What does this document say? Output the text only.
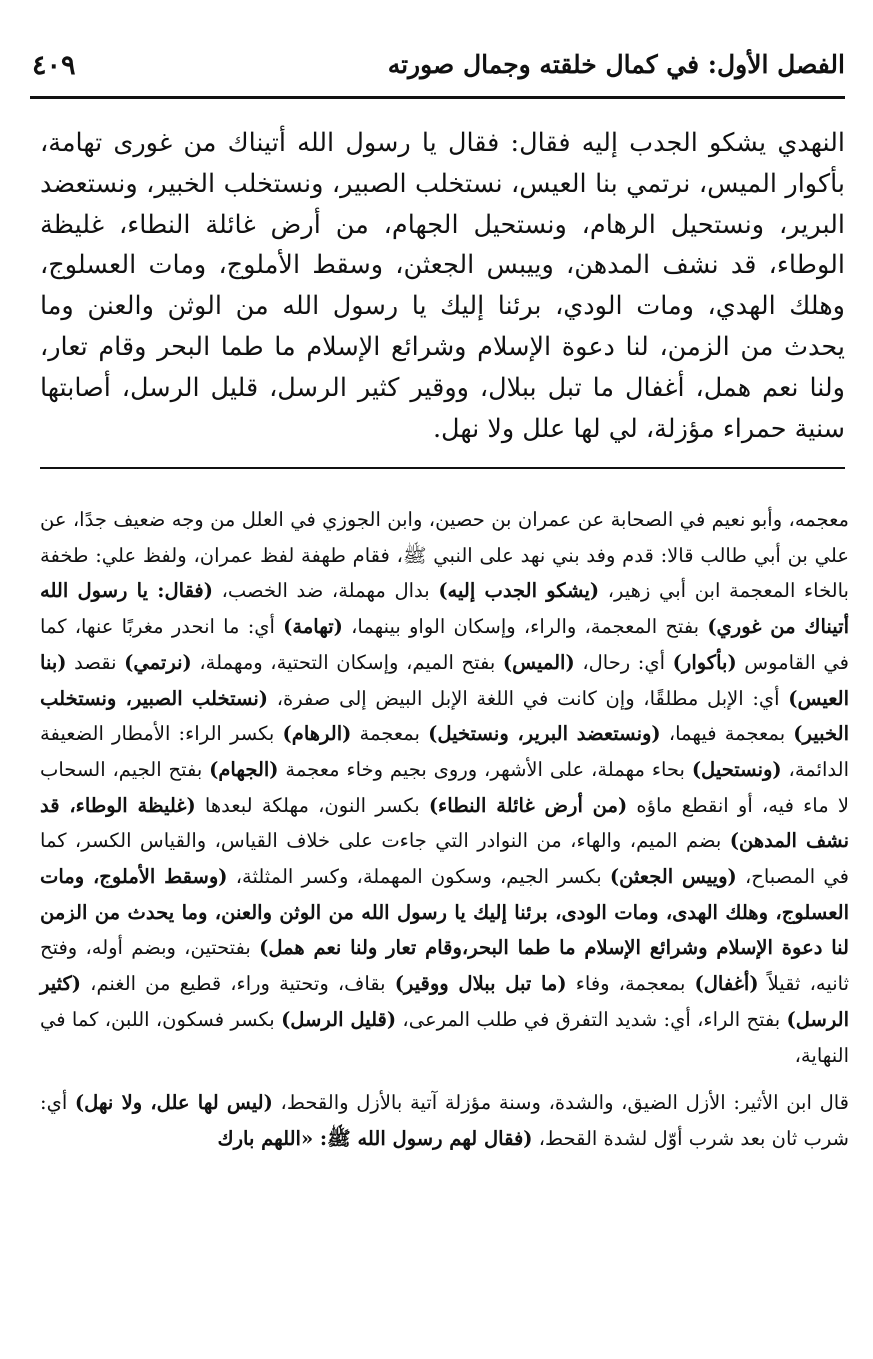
الفصل الأول: في كمال خلقته وجمال صورته
٤٠٩

النهدي يشكو الجدب إليه فقال: فقال يا رسول الله أتيناك من غورى تهامة، بأكوار الميس، نرتمي بنا العيس، نستخلب الصبير، ونستخلب الخبير، ونستعضد البرير، ونستحيل الرهام، ونستحيل الجهام، من أرض غائلة النطاء، غليظة الوطاء، قد نشف المدهن، وييبس الجعثن، وسقط الأملوج، ومات العسلوج، وهلك الهدي، ومات الودي، برئنا إليك يا رسول الله من الوثن والعنن وما يحدث من الزمن، لنا دعوة الإسلام وشرائع الإسلام ما طما البحر وقام تعار، ولنا نعم همل، أغفال ما تبل ببلال، ووقير كثير الرسل، قليل الرسل، أصابتها سنية حمراء مؤزلة، لي لها علل ولا نهل.

معجمه، وأبو نعيم في الصحابة عن عمران بن حصين، وابن الجوزي في العلل من وجه ضعيف جدًا، عن علي بن أبي طالب قالا: قدم وفد بني نهد على النبي ﷺ، فقام طهفة لفظ عمران، ولفظ علي: طخفة بالخاء المعجمة ابن أبي زهير، (يشكو الجدب إليه) بدال مهملة، ضد الخصب، (فقال: يا رسول الله أتيناك من غوري) بفتح المعجمة، والراء، وإسكان الواو بينهما، (تهامة) أي: ما انحدر مغربًا عنها، كما في القاموس (بأكوار) أي: رحال، (الميس) بفتح الميم، وإسكان التحتية، ومهملة، (نرتمي) نقصد (بنا العيس) أي: الإبل مطلقًا، وإن كانت في اللغة الإبل البيض إلى صفرة، (نستخلب الصبير، ونستخلب الخبير) بمعجمة فيهما، (ونستعضد البرير، ونستخيل) بمعجمة (الرهام) بكسر الراء: الأمطار الضعيفة الدائمة، (ونستحيل) بحاء مهملة، على الأشهر، وروى بجيم وخاء معجمة (الجهام) بفتح الجيم، السحاب لا ماء فيه، أو انقطع ماؤه (من أرض غائلة النطاء) بكسر النون، مهلكة لبعدها (غليظة الوطاء، قد نشف المدهن) بضم الميم، والهاء، من النوادر التي جاءت على خلاف القياس، والقياس الكسر، كما في المصباح، (وييس الجعثن) بكسر الجيم، وسكون المهملة، وكسر المثلثة، (وسقط الأملوج، ومات العسلوج، وهلك الهدى، ومات الودى، برئنا إليك يا رسول الله من الوثن والعنن، وما يحدث من الزمن لنا دعوة الإسلام وشرائع الإسلام ما طما البحر،وقام تعار ولنا نعم همل) بفتحتين، وبضم أوله، وفتح ثانيه، ثقيلاً (أغفال) بمعجمة، وفاء (ما تبل ببلال ووقير) بقاف، وتحتية وراء، قطيع من الغنم، (كثير الرسل) بفتح الراء، أي: شديد التفرق في طلب المرعى، (قليل الرسل) بكسر فسكون، اللبن، كما في النهاية،

قال ابن الأثير: الأزل الضيق، والشدة، وسنة مؤزلة آتية بالأزل والقحط، (ليس لها علل، ولا نهل) أي: شرب ثان بعد شرب أوّل لشدة القحط، (فقال لهم رسول الله ﷺ: «اللهم بارك
